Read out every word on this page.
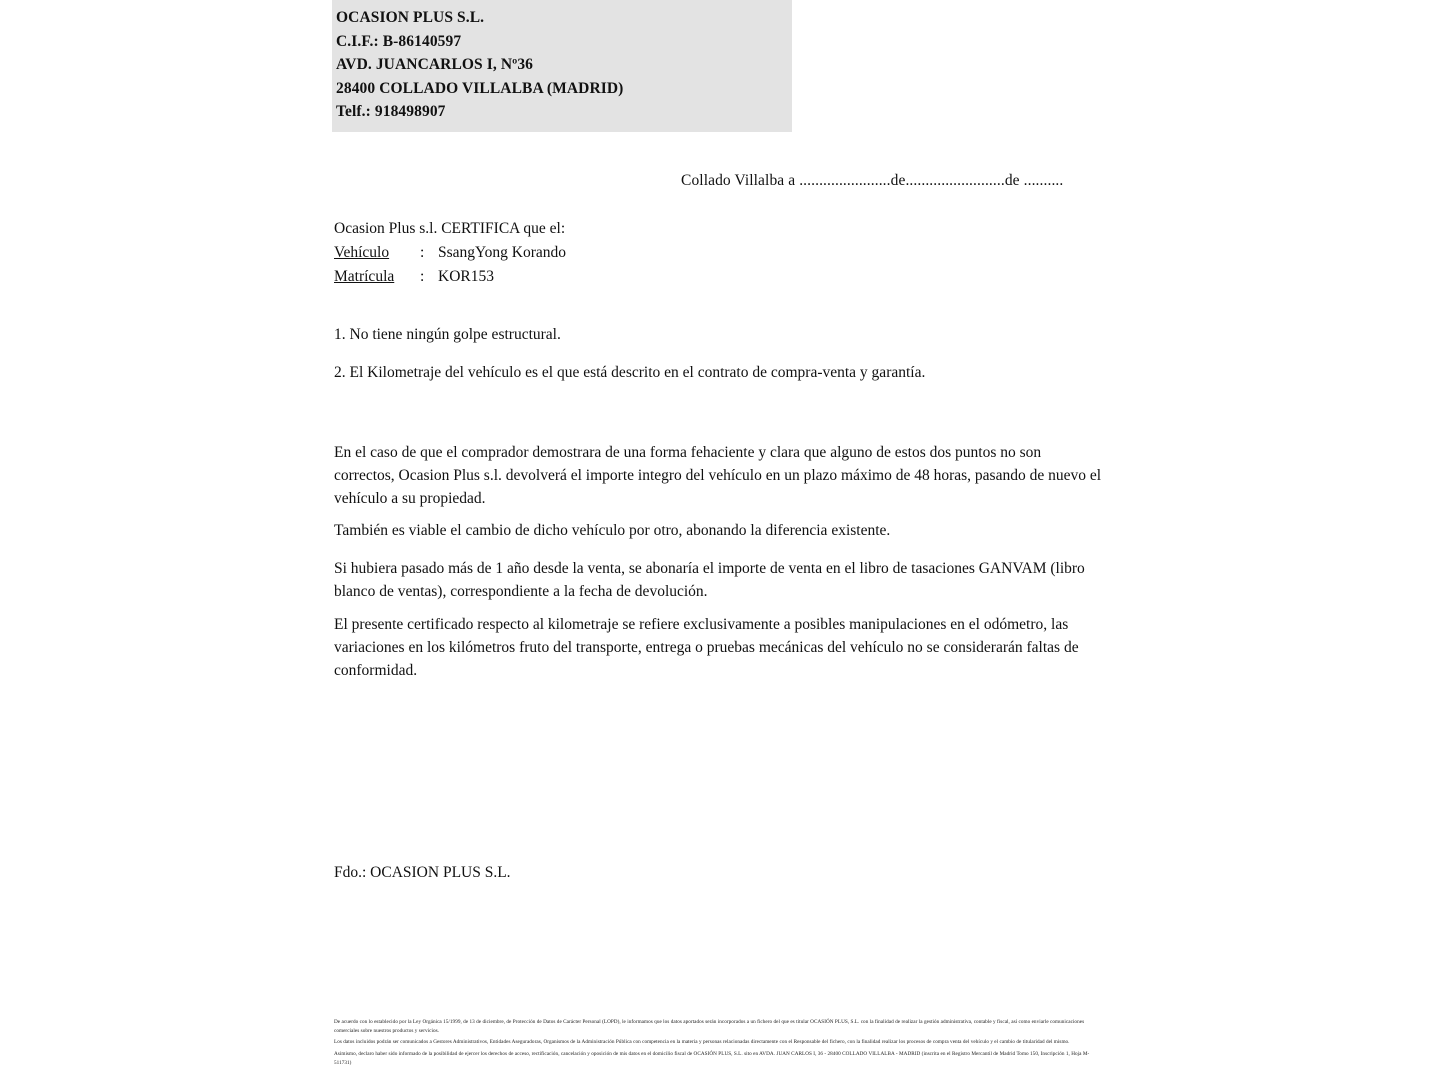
OCASION PLUS S.L.
C.I.F.: B-86140597
AVD. JUANCARLOS I, Nº36
28400 COLLADO VILLALBA (MADRID)
Telf.: 918498907
Collado Villalba a .......................de.........................de ..........
Ocasion Plus s.l. CERTIFICA que el:
Vehículo : SsangYong Korando
Matrícula : KOR153
1. No tiene ningún golpe estructural.
2. El Kilometraje del vehículo es el que está descrito en el contrato de compra-venta y garantía.
En el caso de que el comprador demostrara de una forma fehaciente y clara que alguno de estos dos puntos no son correctos, Ocasion Plus s.l. devolverá el importe integro del vehículo en un plazo máximo de 48 horas, pasando de nuevo el vehículo a su propiedad.
También es viable el cambio de dicho vehículo por otro, abonando la diferencia existente.
Si hubiera pasado más de 1 año desde la venta, se abonaría el importe de venta en el libro de tasaciones GANVAM (libro blanco de ventas), correspondiente a la fecha de devolución.
El presente certificado respecto al kilometraje se refiere exclusivamente a posibles manipulaciones en el odómetro, las variaciones en los kilómetros fruto del transporte, entrega o pruebas mecánicas del vehículo no se considerarán faltas de conformidad.
Fdo.: OCASION PLUS S.L.

De acuerdo con lo establecido por la Ley Orgánica 15/1999, de 13 de diciembre, de Protección de Datos de Carácter Personal (LOPD), le informamos que los datos aportados serán incorporados a un fichero del que es titular OCASIÓN PLUS, S.L. con la finalidad de realizar la gestión administrativa, contable y fiscal, así como enviarle comunicaciones comerciales sobre nuestros productos y servicios.

Los datos incluidos podrán ser comunicados a Gestores Administrativos, Entidades Aseguradoras, Organismos de la Administración Pública con competencia en la materia y personas relacionadas directamente con el Responsable del fichero, con la finalidad realizar los procesos de compra venta del vehículo y el cambio de titularidad del mismo.

Asimismo, declaro haber sido informado de la posibilidad de ejercer los derechos de acceso, rectificación, cancelación y oposición de mis datos en el domicilio fiscal de OCASIÓN PLUS, S.L. sito en AVDA. JUAN CARLOS I, 36 - 28400 COLLADO VILLALBA - MADRID (inscrita en el Registro Mercantil de Madrid Tomo 150, Inscripción 1, Hoja M-511731)
